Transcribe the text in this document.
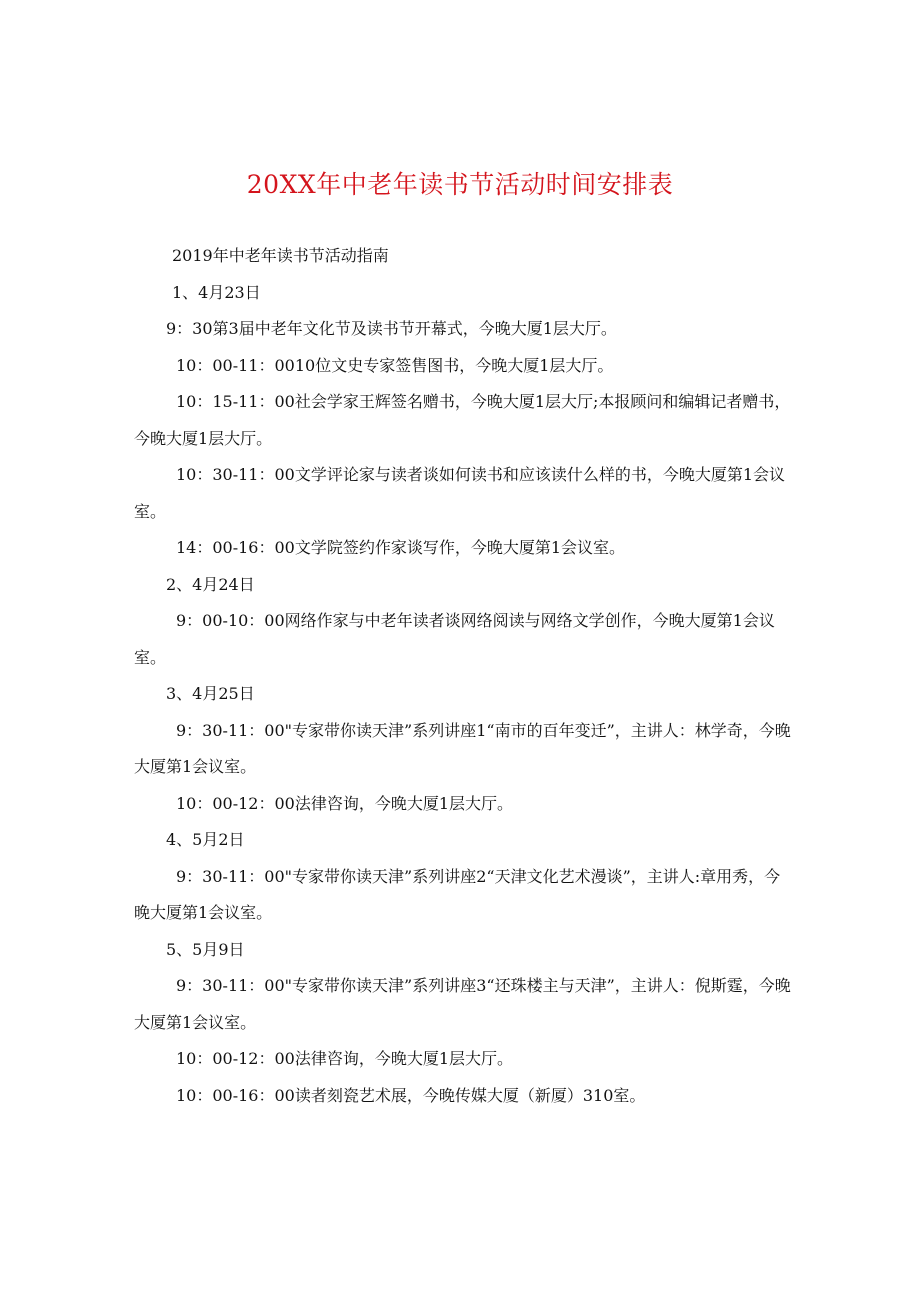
20XX年中老年读书节活动时间安排表

2019年中老年读书节活动指南

1、4月23日

9：30第3届中老年文化节及读书节开幕式，今晚大厦1层大厅。

10：00-11：0010位文史专家签售图书，今晚大厦1层大厅。

10：15-11：00社会学家王辉签名赠书，今晚大厦1层大厅;本报顾问和编辑记者赠书，今晚大厦1层大厅。

10：30-11：00文学评论家与读者谈如何读书和应该读什么样的书，今晚大厦第1会议室。

14：00-16：00文学院签约作家谈写作，今晚大厦第1会议室。

2、4月24日

9：00-10：00网络作家与中老年读者谈网络阅读与网络文学创作，今晚大厦第1会议室。

3、4月25日

9：30-11：00"专家带你读天津”系列讲座1“南市的百年变迁”，主讲人：林学奇，今晚大厦第1会议室。

10：00-12：00法律咨询，今晚大厦1层大厅。

4、5月2日

9：30-11：00"专家带你读天津”系列讲座2“天津文化艺术漫谈”，主讲人:章用秀，今晚大厦第1会议室。

5、5月9日

9：30-11：00"专家带你读天津”系列讲座3“还珠楼主与天津”，主讲人：倪斯霆，今晚大厦第1会议室。

10：00-12：00法律咨询，今晚大厦1层大厅。

10：00-16：00读者刻瓷艺术展，今晚传媒大厦（新厦）310室。
